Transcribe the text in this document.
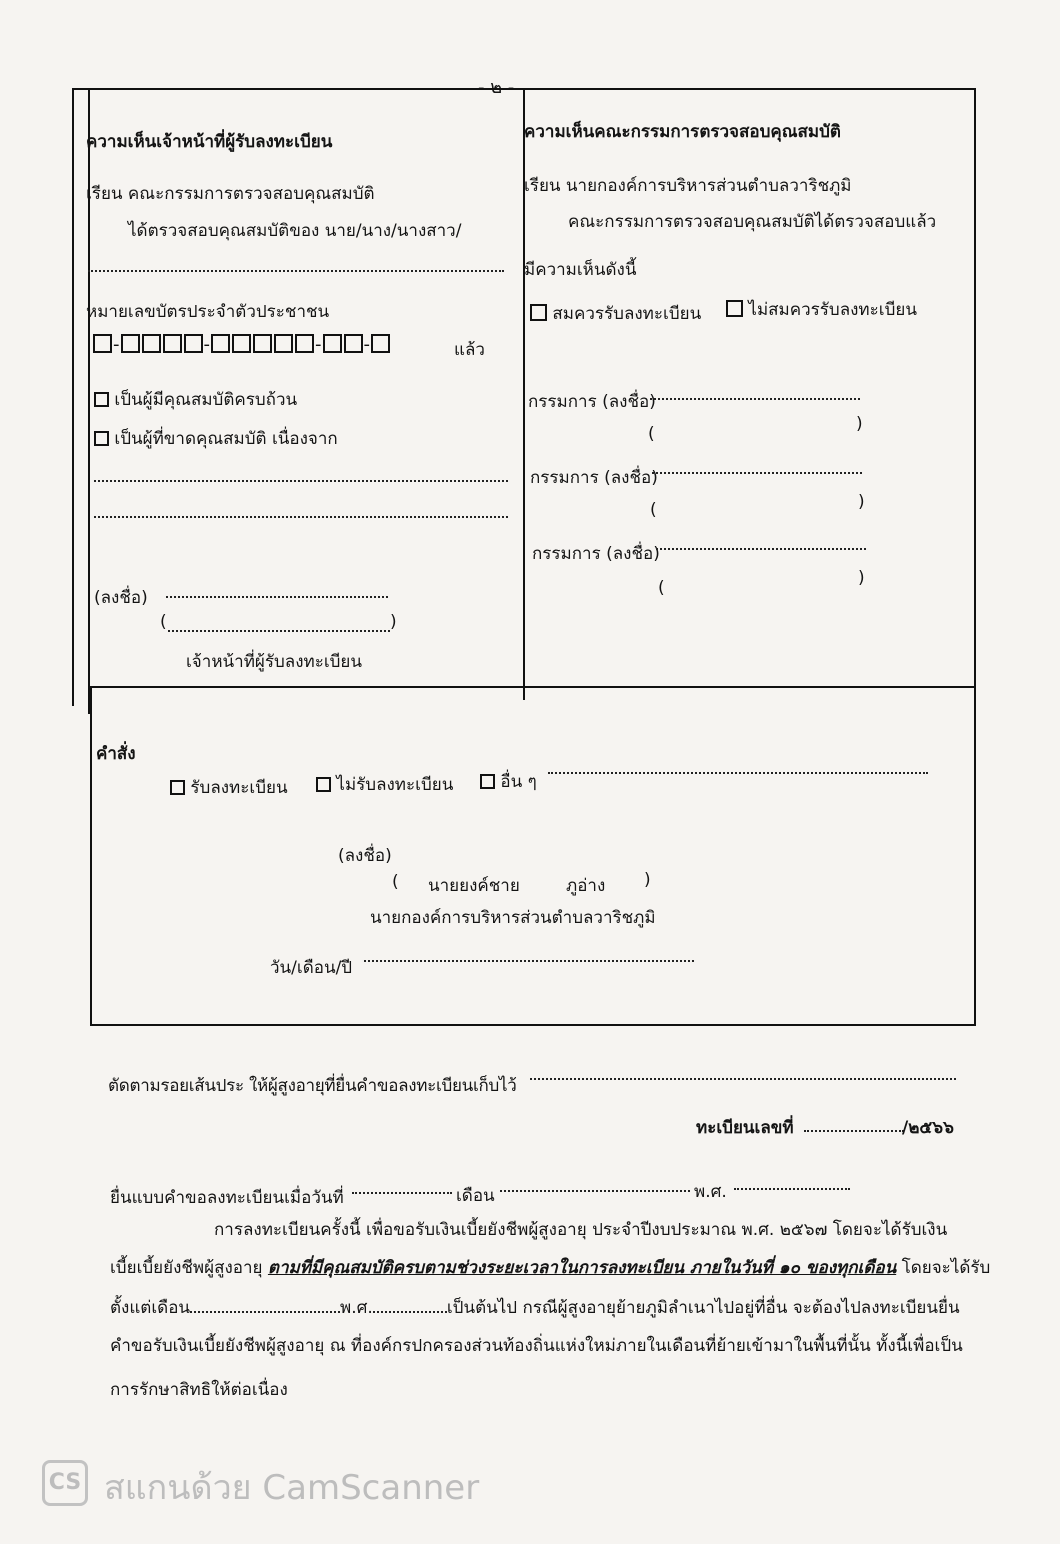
- ๒ -
ความเห็นเจ้าหน้าที่ผู้รับลงทะเบียน
เรียน คณะกรรมการตรวจสอบคุณสมบัติ
ได้ตรวจสอบคุณสมบัติของ นาย/นาง/นางสาว/
หมายเลขบัตรประจำตัวประชาชน
-	-	- -	แล้ว
เป็นผู้มีคุณสมบัติครบถ้วน
เป็นผู้ที่ขาดคุณสมบัติ เนื่องจาก
(ลงชื่อ)
(	)
เจ้าหน้าที่ผู้รับลงทะเบียน
ความเห็นคณะกรรมการตรวจสอบคุณสมบัติ
เรียน นายกองค์การบริหารส่วนตำบลวาริชภูมิ
คณะกรรมการตรวจสอบคุณสมบัติได้ตรวจสอบแล้ว
มีความเห็นดังนี้
สมควรรับลงทะเบียน	ไม่สมควรรับลงทะเบียน
กรรมการ (ลงชื่อ)
(	)
กรรมการ (ลงชื่อ)
(	)
กรรมการ (ลงชื่อ)
(	)
คำสั่ง
รับลงทะเบียน	ไม่รับลงทะเบียน	อื่น ๆ
(ลงชื่อ)
( นายยงค์ชาย	ภูอ่าง )
นายกองค์การบริหารส่วนตำบลวาริชภูมิ
วัน/เดือน/ปี
ตัดตามรอยเส้นประ ให้ผู้สูงอายุที่ยื่นคำขอลงทะเบียนเก็บไว้
ทะเบียนเลขที่	/๒๕๖๖
ยื่นแบบคำขอลงทะเบียนเมื่อวันที่	เดือน	พ.ศ.
การลงทะเบียนครั้งนี้ เพื่อขอรับเงินเบี้ยยังชีพผู้สูงอายุ ประจำปีงบประมาณ พ.ศ. ๒๕๖๗ โดยจะได้รับเงิน
เบี้ยเบี้ยยังชีพผู้สูงอายุ ตามที่มีคุณสมบัติครบตามช่วงระยะเวลาในการลงทะเบียน ภายในวันที่ ๑๐ ของทุกเดือน โดยจะได้รับ
ตั้งแต่เดือน	พ.ศ.	เป็นต้นไป กรณีผู้สูงอายุย้ายภูมิลำเนาไปอยู่ที่อื่น จะต้องไปลงทะเบียนยื่น
คำขอรับเงินเบี้ยยังชีพผู้สูงอายุ ณ ที่องค์กรปกครองส่วนท้องถิ่นแห่งใหม่ภายในเดือนที่ย้ายเข้ามาในพื้นที่นั้น ทั้งนี้เพื่อเป็น
การรักษาสิทธิให้ต่อเนื่อง
CS สแกนด้วย CamScanner
